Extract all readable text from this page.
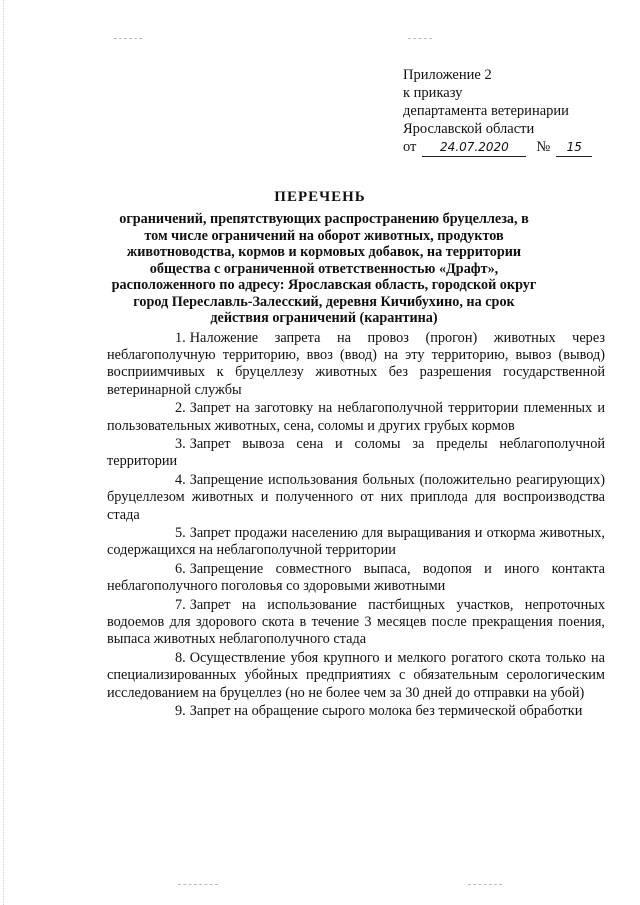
Приложение 2
к приказу
департамента ветеринарии
Ярославской области
от 24.07.2020 № 15
ПЕРЕЧЕНЬ
ограничений, препятствующих распространению бруцеллеза, в том числе ограничений на оборот животных, продуктов животноводства, кормов и кормовых добавок, на территории общества с ограниченной ответственностью «Драфт», расположенного по адресу: Ярославская область, городской округ город Переславль-Залесский, деревня Кичибухино, на срок действия ограничений (карантина)

1. Наложение запрета на провоз (прогон) животных через неблагополучную территорию, ввоз (ввод) на эту территорию, вывоз (вывод) восприимчивых к бруцеллезу животных без разрешения государственной ветеринарной службы

2. Запрет на заготовку на неблагополучной территории племенных и пользовательных животных, сена, соломы и других грубых кормов

3. Запрет вывоза сена и соломы за пределы неблагополучной территории

4. Запрещение использования больных (положительно реагирующих) бруцеллезом животных и полученного от них приплода для воспроизводства стада

5. Запрет продажи населению для выращивания и откорма животных, содержащихся на неблагополучной территории

6. Запрещение совместного выпаса, водопоя и иного контакта неблагополучного поголовья со здоровыми животными

7. Запрет на использование пастбищных участков, непроточных водоемов для здорового скота в течение 3 месяцев после прекращения поения, выпаса животных неблагополучного стада

8. Осуществление убоя крупного и мелкого рогатого скота только на специализированных убойных предприятиях с обязательным серологическим исследованием на бруцеллез (но не более чем за 30 дней до отправки на убой)

9. Запрет на обращение сырого молока без термической обработки
